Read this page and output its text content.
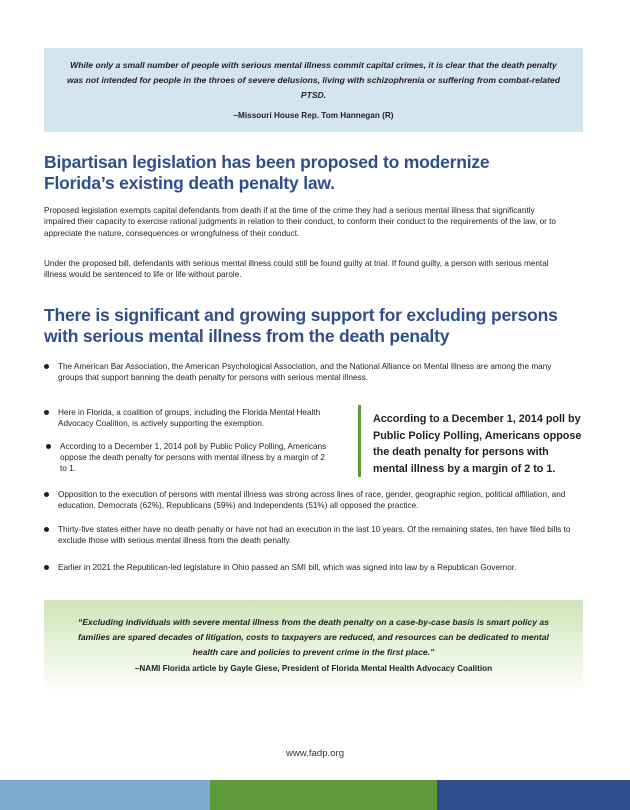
While only a small number of people with serious mental illness commit capital crimes, it is clear that the death penalty was not intended for people in the throes of severe delusions, living with schizophrenia or suffering from combat-related PTSD.

–Missouri House Rep. Tom Hannegan (R)
Bipartisan legislation has been proposed to modernize Florida’s existing death penalty law.

Proposed legislation exempts capital defendants from death if at the time of the crime they had a serious mental illness that significantly impaired their capacity to exercise rational judgments in relation to their conduct, to conform their conduct to the requirements of the law, or to appreciate the nature, consequences or wrongfulness of their conduct.

Under the proposed bill, defendants with serious mental illness could still be found guilty at trial. If found guilty, a person with serious mental illness would be sentenced to life or life without parole.

There is significant and growing support for excluding persons with serious mental illness from the death penalty

The American Bar Association, the American Psychological Association, and the National Alliance on Mental Illness are among the many groups that support banning the death penalty for persons with serious mental illness.

Here in Florida, a coalition of groups, including the Florida Mental Health Advocacy Coalition, is actively supporting the exemption.

According to a December 1, 2014 poll by Public Policy Polling, Americans oppose the death penalty for persons with mental illness by a margin of 2 to 1.

According to a December 1, 2014 poll by Public Policy Polling, Americans oppose the death penalty for persons with mental illness by a margin of 2 to 1.

Opposition to the execution of persons with mental illness was strong across lines of race, gender, geographic region, political affiliation, and education. Democrats (62%), Republicans (59%) and Independents (51%) all opposed the practice.

Thirty-five states either have no death penalty or have not had an execution in the last 10 years. Of the remaining states, ten have filed bills to exclude those with serious mental illness from the death penalty.

Earlier in 2021 the Republican-led legislature in Ohio passed an SMI bill, which was signed into law by a Republican Governor.

“Excluding individuals with severe mental illness from the death penalty on a case-by-case basis is smart policy as families are spared decades of litigation, costs to taxpayers are reduced, and resources can be dedicated to mental health care and policies to prevent crime in the first place.”

–NAMI Florida article by Gayle Giese, President of Florida Mental Health Advocacy Coalition
www.fadp.org
